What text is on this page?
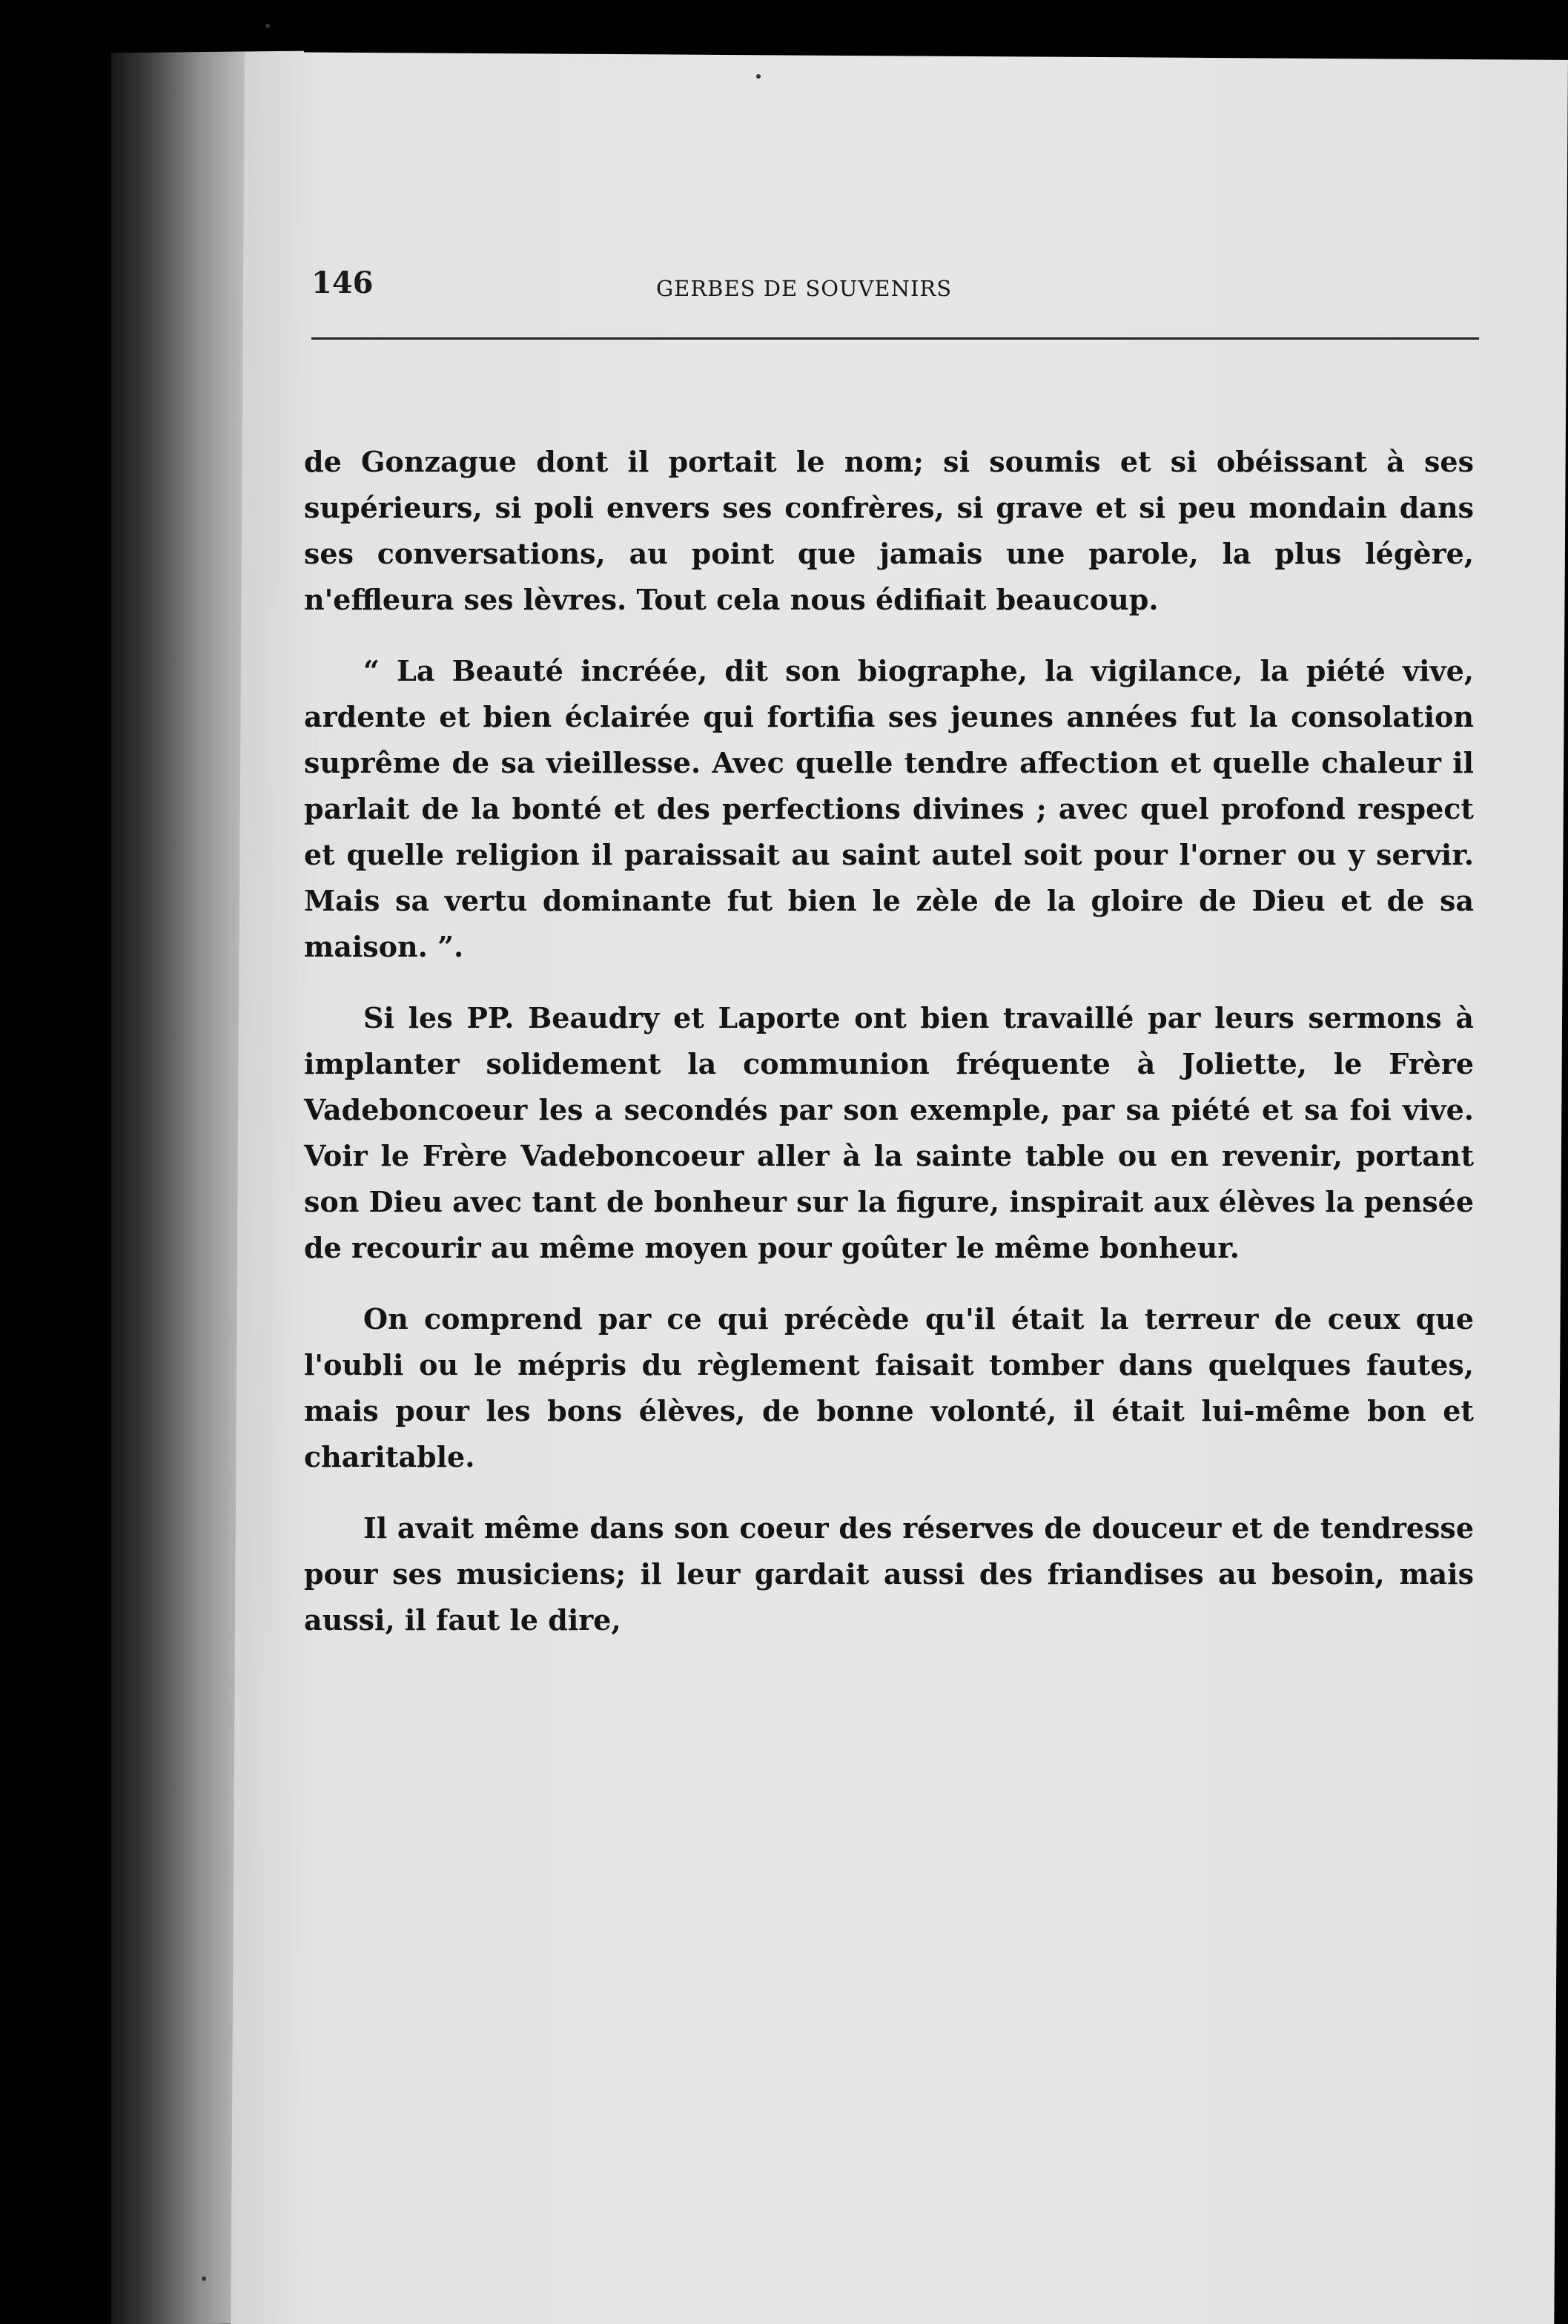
146	GERBES DE SOUVENIRS

de Gonzague dont il portait le nom; si soumis et si obéissant à ses supérieurs, si poli envers ses confrères, si grave et si peu mondain dans ses conversations, au point que jamais une parole, la plus légère, n'effleura ses lèvres. Tout cela nous édifiait beaucoup.

“ La Beauté incréée, dit son biographe, la vigilance, la piété vive, ardente et bien éclairée qui fortifia ses jeunes années fut la consolation suprême de sa vieillesse. Avec quelle tendre affection et quelle chaleur il parlait de la bonté et des perfections divines ; avec quel profond respect et quelle religion il paraissait au saint autel soit pour l'orner ou y servir. Mais sa vertu dominante fut bien le zèle de la gloire de Dieu et de sa maison. ”.

Si les PP. Beaudry et Laporte ont bien travaillé par leurs sermons à implanter solidement la communion fréquente à Joliette, le Frère Vadeboncoeur les a secondés par son exemple, par sa piété et sa foi vive. Voir le Frère Vadeboncoeur aller à la sainte table ou en revenir, portant son Dieu avec tant de bonheur sur la figure, inspirait aux élèves la pensée de recourir au même moyen pour goûter le même bonheur.

On comprend par ce qui précède qu'il était la terreur de ceux que l'oubli ou le mépris du règlement faisait tomber dans quelques fautes, mais pour les bons élèves, de bonne volonté, il était lui-même bon et charitable.

Il avait même dans son coeur des réserves de douceur et de tendresse pour ses musiciens; il leur gardait aussi des friandises au besoin, mais aussi, il faut le dire,
